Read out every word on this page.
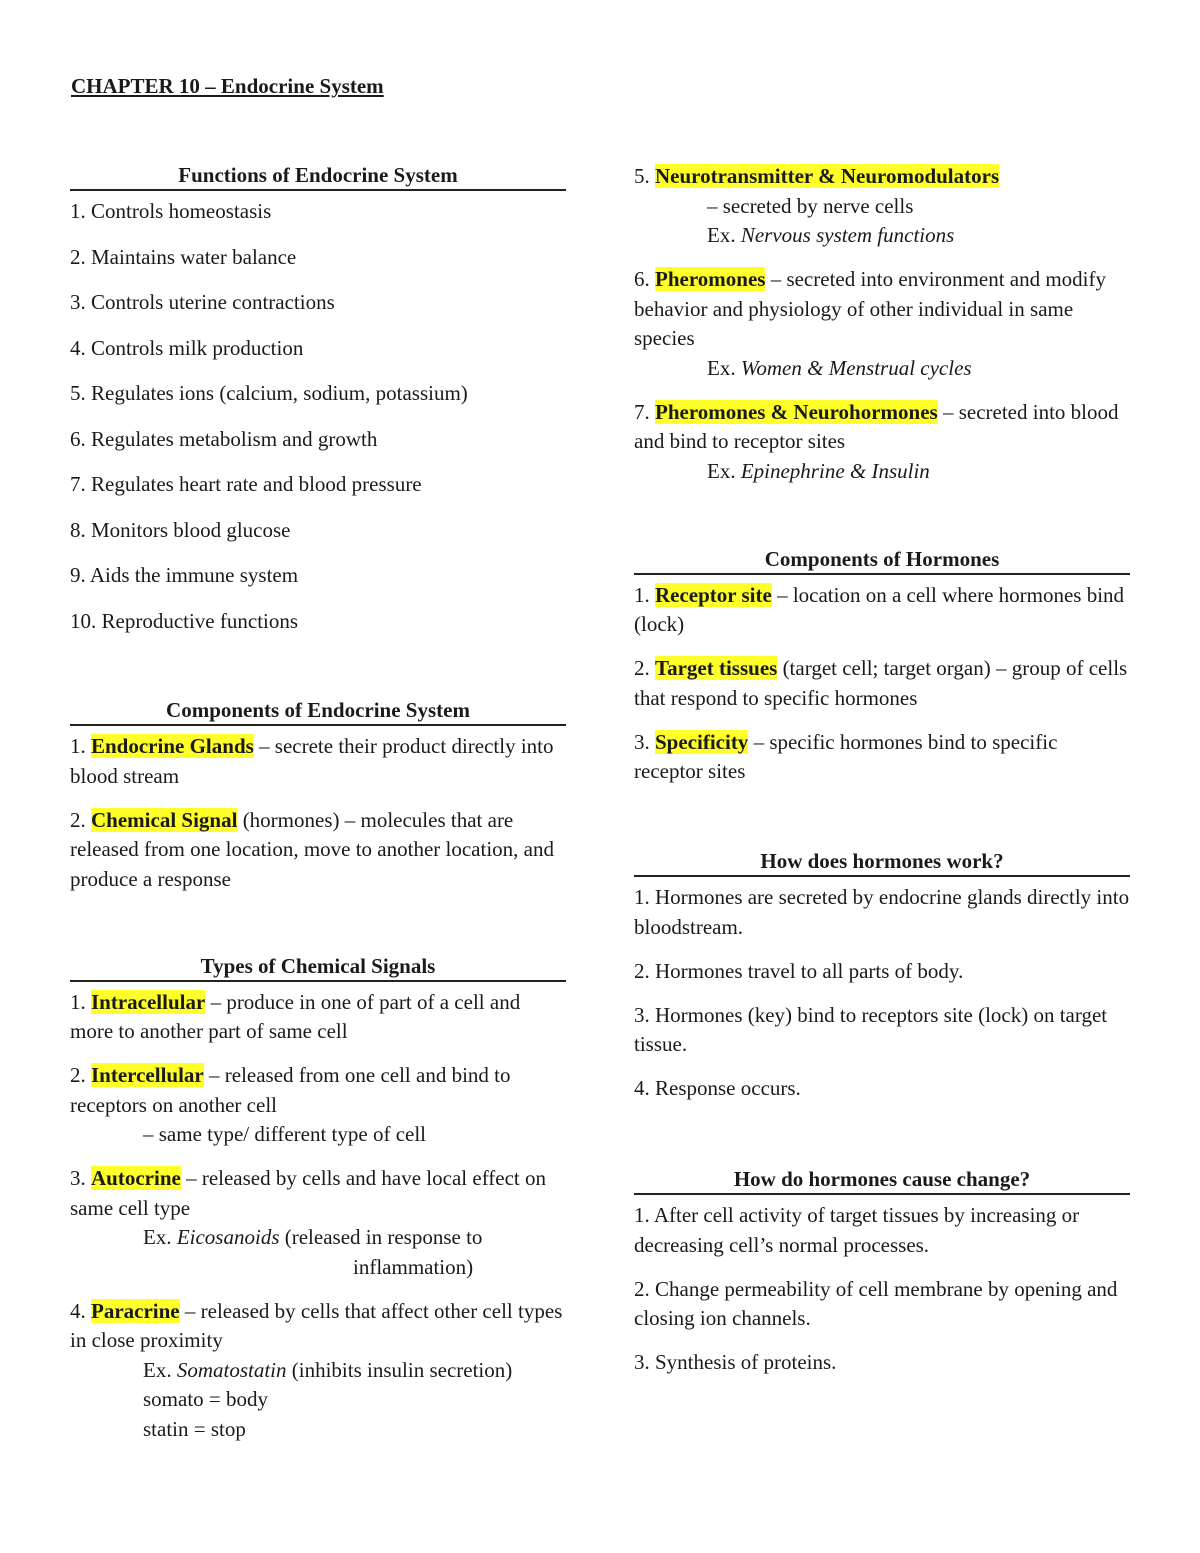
CHAPTER 10 – Endocrine System
Functions of Endocrine System
1. Controls homeostasis
2. Maintains water balance
3. Controls uterine contractions
4. Controls milk production
5. Regulates ions (calcium, sodium, potassium)
6. Regulates metabolism and growth
7. Regulates heart rate and blood pressure
8. Monitors blood glucose
9. Aids the immune system
10. Reproductive functions
Components of Endocrine System
1. Endocrine Glands – secrete their product directly into blood stream
2. Chemical Signal (hormones) – molecules that are released from one location, move to another location, and produce a response
Types of Chemical Signals
1. Intracellular – produce in one of part of a cell and more to another part of same cell
2. Intercellular – released from one cell and bind to receptors on another cell
– same type/ different type of cell
3. Autocrine – released by cells and have local effect on same cell type
Ex. Eicosanoids (released in response to
inflammation)
4. Paracrine – released by cells that affect other cell types in close proximity
Ex. Somatostatin (inhibits insulin secretion)
somato = body
statin = stop
5. Neurotransmitter & Neuromodulators
– secreted by nerve cells
Ex. Nervous system functions
6. Pheromones – secreted into environment and modify behavior and physiology of other individual in same species
Ex. Women & Menstrual cycles
7. Pheromones & Neurohormones – secreted into blood and bind to receptor sites
Ex. Epinephrine & Insulin
Components of Hormones
1. Receptor site – location on a cell where hormones bind (lock)
2. Target tissues (target cell; target organ) – group of cells that respond to specific hormones
3. Specificity – specific hormones bind to specific receptor sites
How does hormones work?
1. Hormones are secreted by endocrine glands directly into bloodstream.
2. Hormones travel to all parts of body.
3. Hormones (key) bind to receptors site (lock) on target tissue.
4. Response occurs.
How do hormones cause change?
1. After cell activity of target tissues by increasing or decreasing cell’s normal processes.
2. Change permeability of cell membrane by opening and closing ion channels.
3. Synthesis of proteins.
